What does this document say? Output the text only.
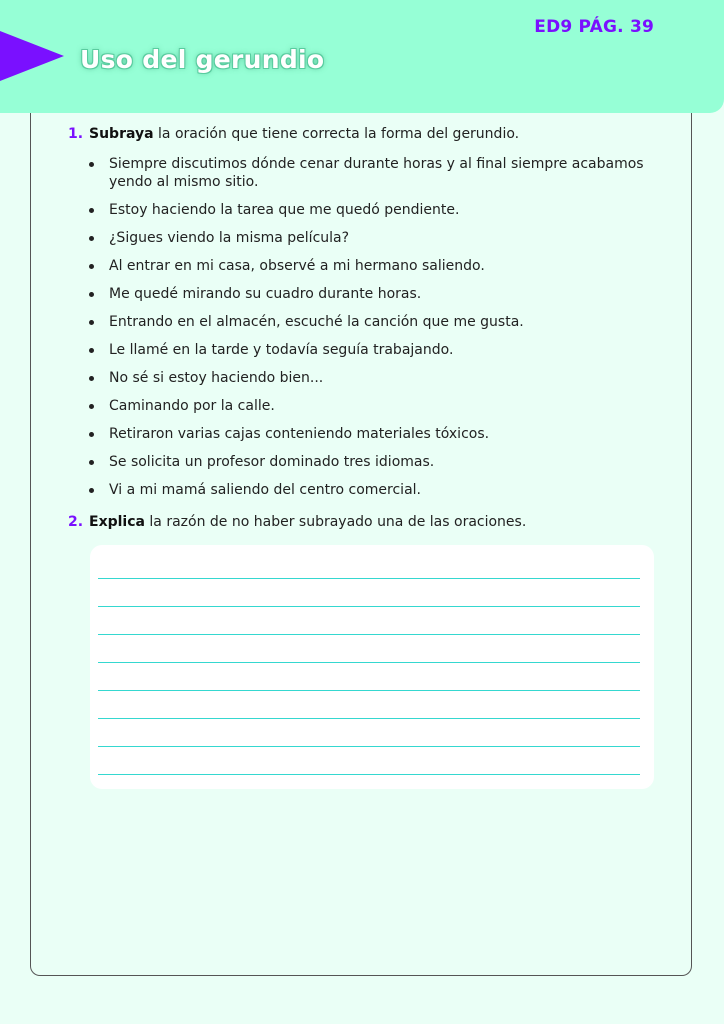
Uso del gerundio
ED9 PÁG. 39
1. Subraya la oración que tiene correcta la forma del gerundio.
Siempre discutimos dónde cenar durante horas y al final siempre acabamos yendo al mismo sitio.
Estoy haciendo la tarea que me quedó pendiente.
¿Sigues viendo la misma película?
Al entrar en mi casa, observé a mi hermano saliendo.
Me quedé mirando su cuadro durante horas.
Entrando en el almacén, escuché la canción que me gusta.
Le llamé en la tarde y todavía seguía trabajando.
No sé si estoy haciendo bien...
Caminando por la calle.
Retiraron varias cajas conteniendo materiales tóxicos.
Se solicita un profesor dominado tres idiomas.
Vi a mi mamá saliendo del centro comercial.
2. Explica la razón de no haber subrayado una de las oraciones.
